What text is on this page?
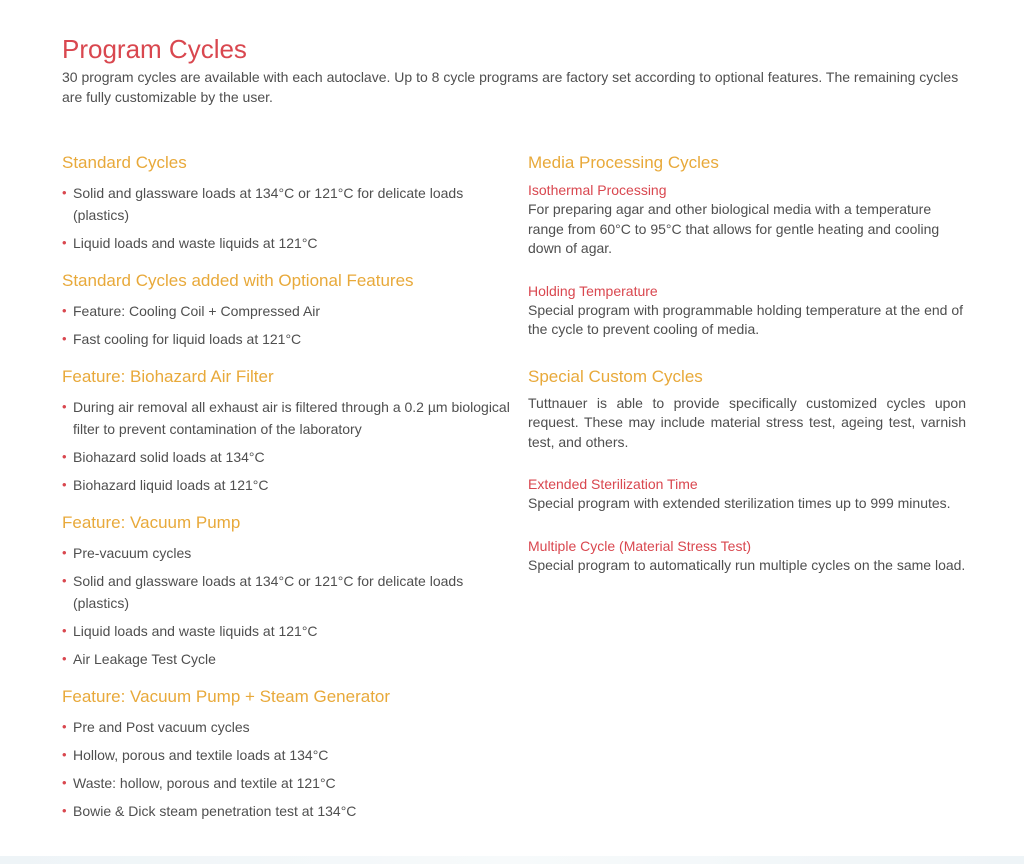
Program Cycles

30 program cycles are available with each autoclave. Up to 8 cycle programs are factory set according to optional features. The remaining cycles are fully customizable by the user.

Standard Cycles
• Solid and glassware loads at 134°C or 121°C for delicate loads (plastics)
• Liquid loads and waste liquids at 121°C
Standard Cycles added with Optional Features
• Feature: Cooling Coil + Compressed Air
• Fast cooling for liquid loads at 121°C
Feature: Biohazard Air Filter
• During air removal all exhaust air is filtered through a 0.2 µm biological filter to prevent contamination of the laboratory
• Biohazard solid loads at 134°C
• Biohazard liquid loads at 121°C
Feature: Vacuum Pump
• Pre-vacuum cycles
• Solid and glassware loads at 134°C or 121°C for delicate loads (plastics)
• Liquid loads and waste liquids at 121°C
• Air Leakage Test Cycle
Feature: Vacuum Pump + Steam Generator
• Pre and Post vacuum cycles
• Hollow, porous and textile loads at 134°C
• Waste: hollow, porous and textile at 121°C
• Bowie & Dick steam penetration test at 134°C
Media Processing Cycles
Isothermal Processing

For preparing agar and other biological media with a temperature range from 60°C to 95°C that allows for gentle heating and cooling down of agar.

Holding Temperature

Special program with programmable holding temperature at the end of the cycle to prevent cooling of media.

Special Custom Cycles

Tuttnauer is able to provide specifically customized cycles upon request. These may include material stress test, ageing test, varnish test, and others.

Extended Sterilization Time

Special program with extended sterilization times up to 999 minutes.

Multiple Cycle (Material Stress Test)

Special program to automatically run multiple cycles on the same load.
